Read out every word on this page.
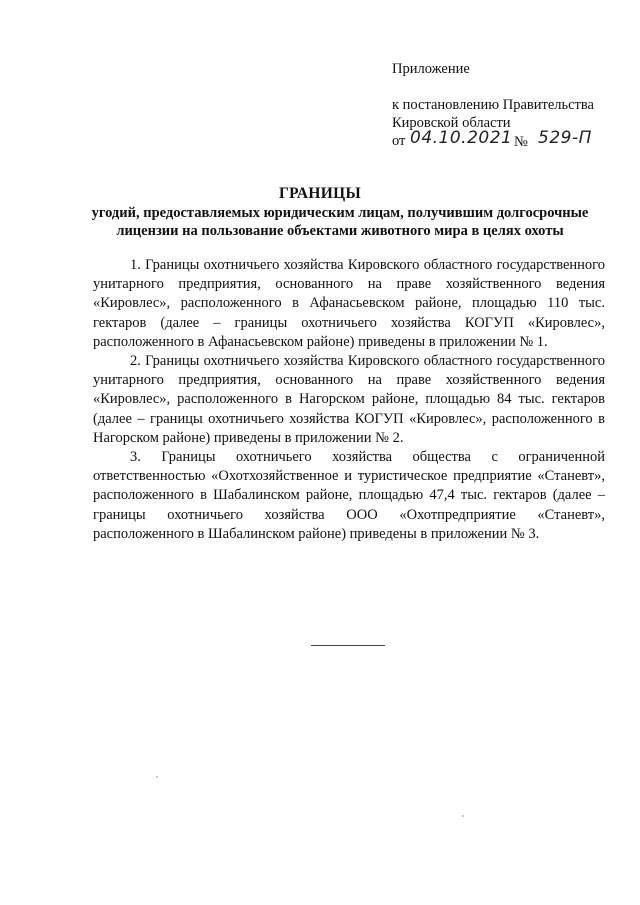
Приложение
к постановлению Правительства
Кировской области
от 04.10.2021 № 529-П
ГРАНИЦЫ
угодий, предоставляемых юридическим лицам, получившим долгосрочные лицензии на пользование объектами животного мира в целях охоты

1. Границы охотничьего хозяйства Кировского областного государственного унитарного предприятия, основанного на праве хозяйственного ведения «Кировлес», расположенного в Афанасьевском районе, площадью 110 тыс. гектаров (далее – границы охотничьего хозяйства КОГУП «Кировлес», расположенного в Афанасьевском районе) приведены в приложении № 1.

2. Границы охотничьего хозяйства Кировского областного государственного унитарного предприятия, основанного на праве хозяйственного ведения «Кировлес», расположенного в Нагорском районе, площадью 84 тыс. гектаров (далее – границы охотничьего хозяйства КОГУП «Кировлес», расположенного в Нагорском районе) приведены в приложении № 2.

3. Границы охотничьего хозяйства общества с ограниченной ответственностью «Охотхозяйственное и туристическое предприятие «Станевт», расположенного в Шабалинском районе, площадью 47,4 тыс. гектаров (далее – границы охотничьего хозяйства ООО «Охотпредприятие «Станевт», расположенного в Шабалинском районе) приведены в приложении № 3.
